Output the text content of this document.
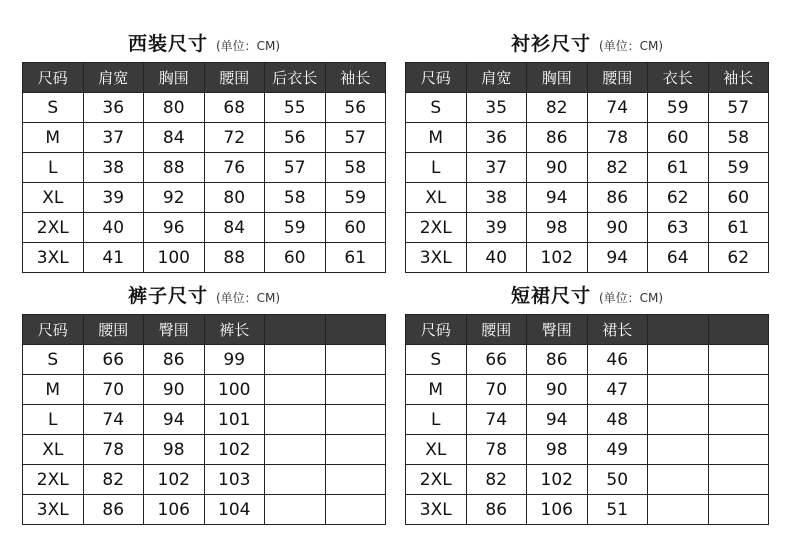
西装尺寸 (单位：CM)
尺码	肩宽	胸围	腰围	后衣长	袖长
S	36	80	68	55	56
M	37	84	72	56	57
L	38	88	76	57	58
XL	39	92	80	58	59
2XL	40	96	84	59	60
3XL	41	100	88	60	61
衬衫尺寸 (单位：CM)
尺码	肩宽	胸围	腰围	衣长	袖长
S	35	82	74	59	57
M	36	86	78	60	58
L	37	90	82	61	59
XL	38	94	86	62	60
2XL	39	98	90	63	61
3XL	40	102	94	64	62
裤子尺寸 (单位：CM)
尺码	腰围	臀围	裤长		
S	66	86	99		
M	70	90	100		
L	74	94	101		
XL	78	98	102		
2XL	82	102	103		
3XL	86	106	104		
短裙尺寸 (单位：CM)
尺码	腰围	臀围	裙长		
S	66	86	46		
M	70	90	47		
L	74	94	48		
XL	78	98	49		
2XL	82	102	50		
3XL	86	106	51		
